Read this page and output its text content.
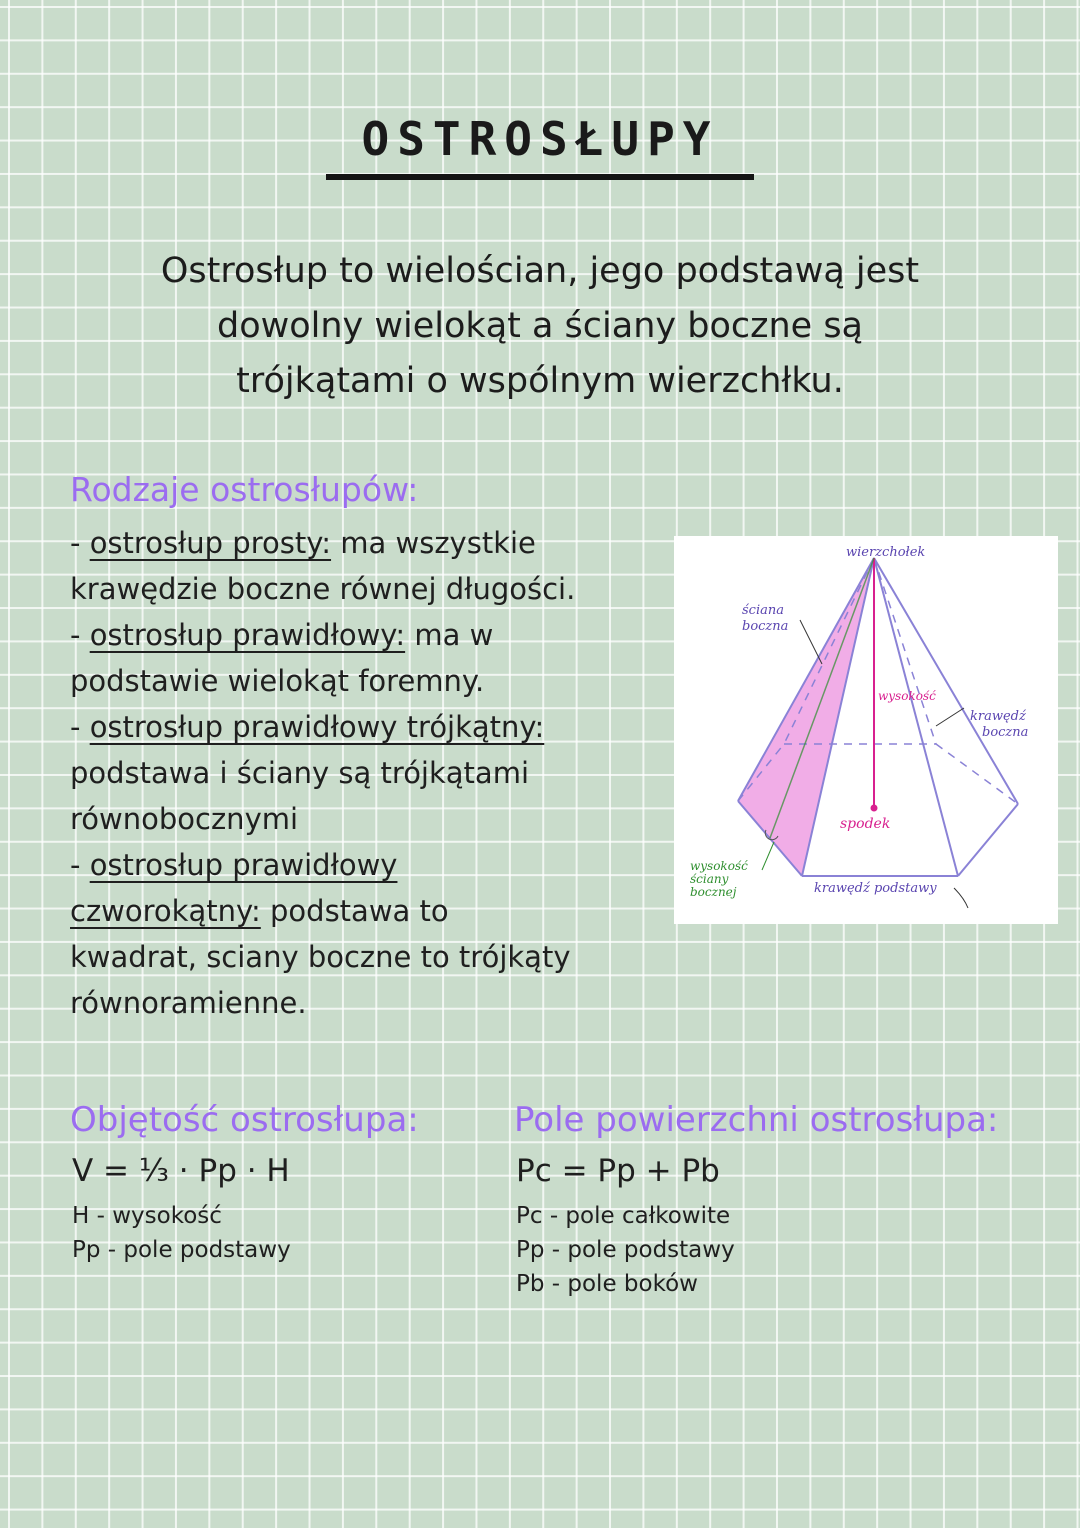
OSTROSŁUPY
Ostrosłup to wielościan, jego podstawą jest
dowolny wielokąt a ściany boczne są
trójkątami o wspólnym wierzchłku.
Rodzaje ostrosłupów:
- ostrosłup prosty: ma wszystkie
krawędzie boczne równej długości.
- ostrosłup prawidłowy: ma w
podstawie wielokąt foremny.
- ostrosłup prawidłowy trójkątny:
podstawa i ściany są trójkątami
równobocznymi
- ostrosłup prawidłowy
czworokątny: podstawa to
kwadrat, sciany boczne to trójkąty
równoramienne.
wierzchołek
ściana
boczna
wysokość
krawędź
boczna
spodek
wysokość
ściany
bocznej	krawędź podstawy
Objętość ostrosłupa:
V = ⅓ · Pp · H
H - wysokość
Pp - pole podstawy
Pole powierzchni ostrosłupa:
Pc = Pp + Pb
Pc - pole całkowite
Pp - pole podstawy
Pb - pole boków
